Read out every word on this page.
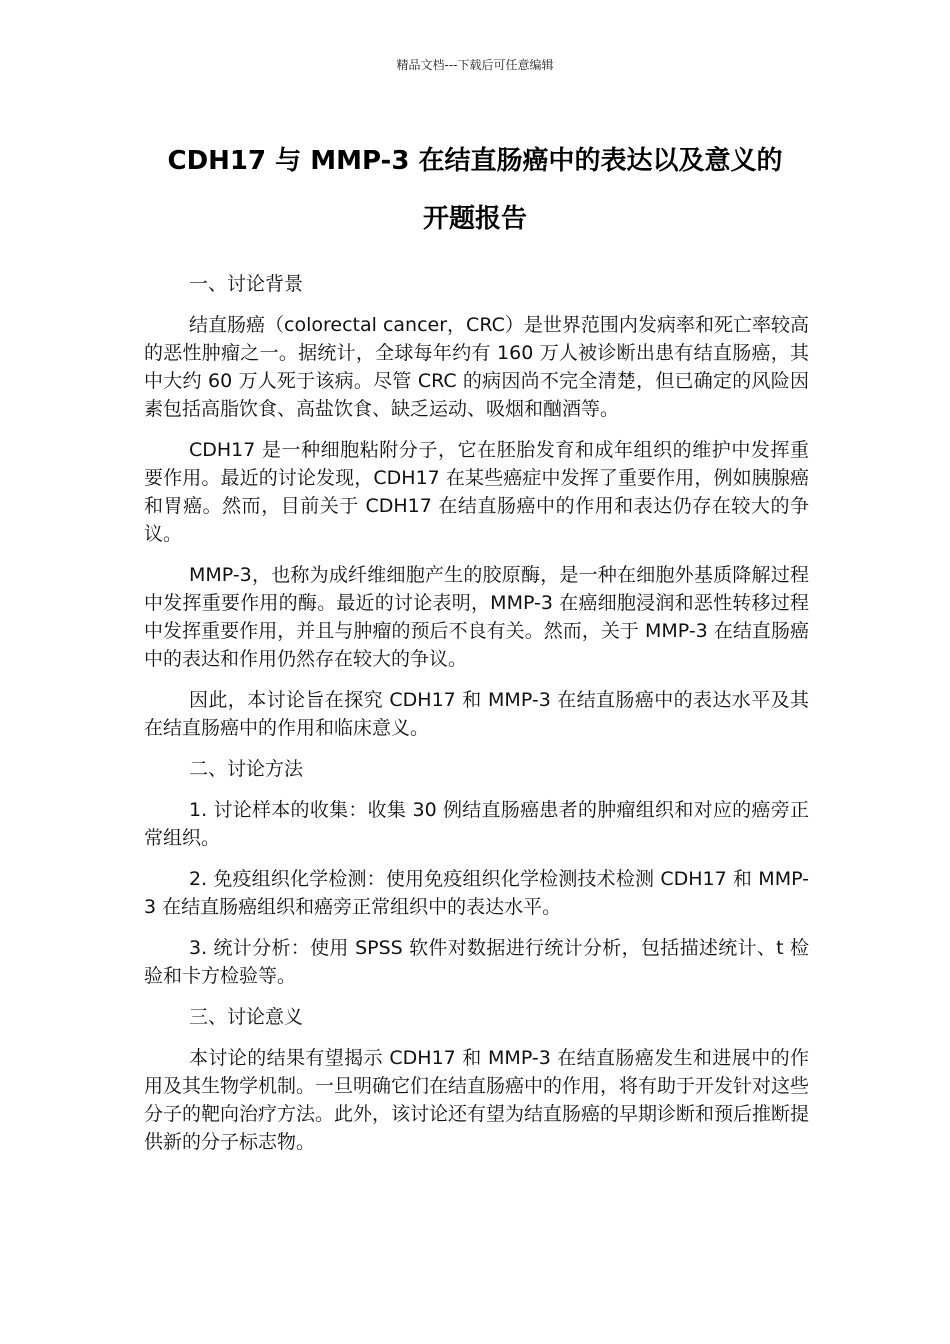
精品文档---下载后可任意编辑
CDH17 与 MMP-3 在结直肠癌中的表达以及意义的
开题报告

一、讨论背景

结直肠癌（colorectal cancer，CRC）是世界范围内发病率和死亡率较高的恶性肿瘤之一。据统计，全球每年约有 160 万人被诊断出患有结直肠癌，其中大约 60 万人死于该病。尽管 CRC 的病因尚不完全清楚，但已确定的风险因素包括高脂饮食、高盐饮食、缺乏运动、吸烟和酗酒等。

CDH17 是一种细胞粘附分子，它在胚胎发育和成年组织的维护中发挥重要作用。最近的讨论发现，CDH17 在某些癌症中发挥了重要作用，例如胰腺癌和胃癌。然而，目前关于 CDH17 在结直肠癌中的作用和表达仍存在较大的争议。

MMP-3，也称为成纤维细胞产生的胶原酶，是一种在细胞外基质降解过程中发挥重要作用的酶。最近的讨论表明，MMP-3 在癌细胞浸润和恶性转移过程中发挥重要作用，并且与肿瘤的预后不良有关。然而，关于 MMP-3 在结直肠癌中的表达和作用仍然存在较大的争议。

因此，本讨论旨在探究 CDH17 和 MMP-3 在结直肠癌中的表达水平及其在结直肠癌中的作用和临床意义。

二、讨论方法

1. 讨论样本的收集：收集 30 例结直肠癌患者的肿瘤组织和对应的癌旁正常组织。

2. 免疫组织化学检测：使用免疫组织化学检测技术检测 CDH17 和 MMP-3 在结直肠癌组织和癌旁正常组织中的表达水平。

3. 统计分析：使用 SPSS 软件对数据进行统计分析，包括描述统计、t 检验和卡方检验等。

三、讨论意义

本讨论的结果有望揭示 CDH17 和 MMP-3 在结直肠癌发生和进展中的作用及其生物学机制。一旦明确它们在结直肠癌中的作用，将有助于开发针对这些分子的靶向治疗方法。此外，该讨论还有望为结直肠癌的早期诊断和预后推断提供新的分子标志物。
